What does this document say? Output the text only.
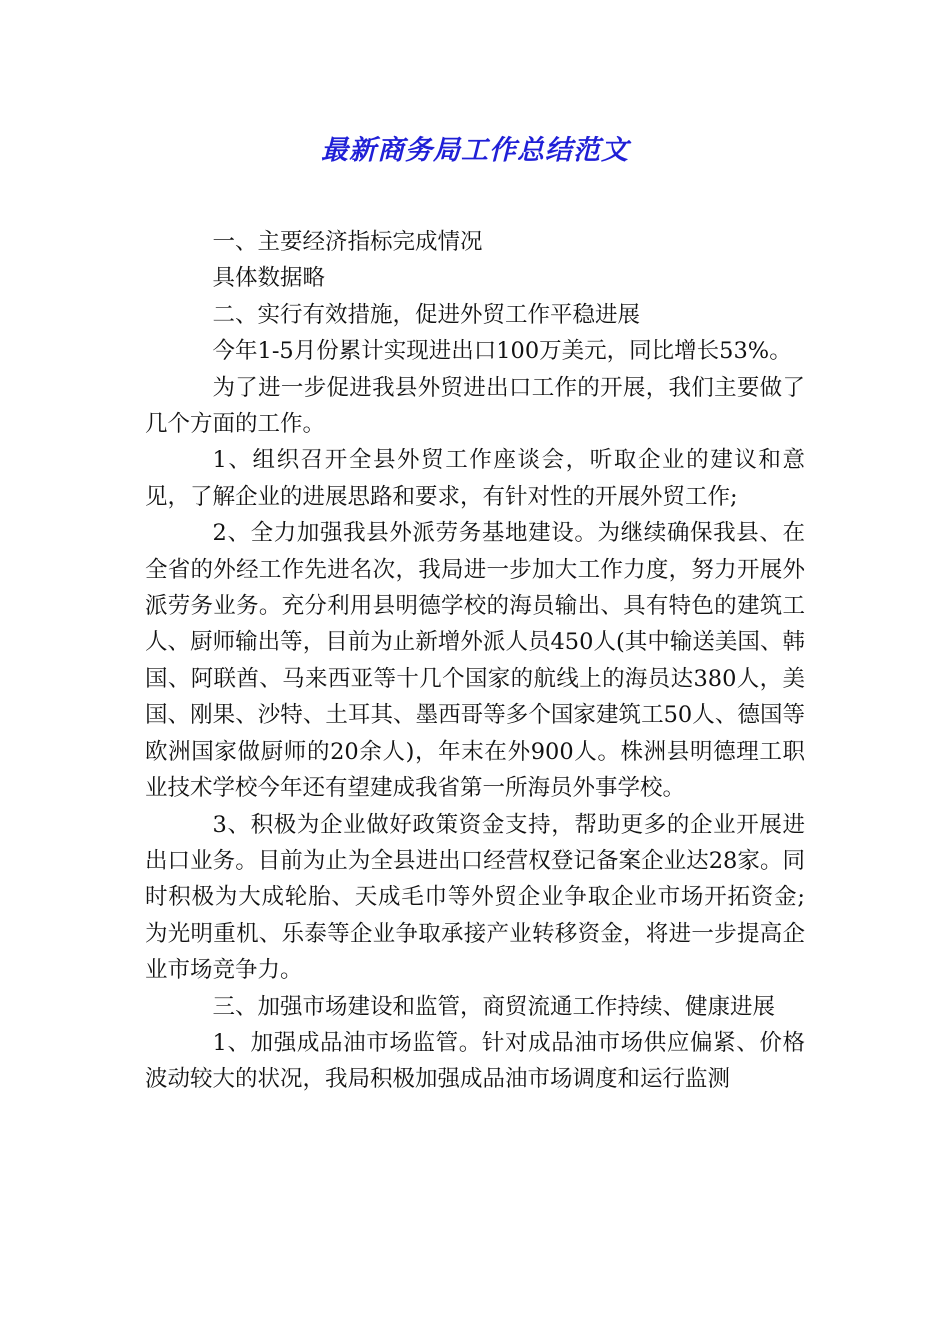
最新商务局工作总结范文

一、主要经济指标完成情况

具体数据略

二、实行有效措施，促进外贸工作平稳进展

今年1-5月份累计实现进出口100万美元，同比增长53%。

为了进一步促进我县外贸进出口工作的开展，我们主要做了几个方面的工作。

1、组织召开全县外贸工作座谈会，听取企业的建议和意见，了解企业的进展思路和要求，有针对性的开展外贸工作;

2、全力加强我县外派劳务基地建设。为继续确保我县、在全省的外经工作先进名次，我局进一步加大工作力度，努力开展外派劳务业务。充分利用县明德学校的海员输出、具有特色的建筑工人、厨师输出等，目前为止新增外派人员450人(其中输送美国、韩国、阿联酋、马来西亚等十几个国家的航线上的海员达380人，美国、刚果、沙特、土耳其、墨西哥等多个国家建筑工50人、德国等欧洲国家做厨师的20余人)，年末在外900人。株洲县明德理工职业技术学校今年还有望建成我省第一所海员外事学校。

3、积极为企业做好政策资金支持，帮助更多的企业开展进出口业务。目前为止为全县进出口经营权登记备案企业达28家。同时积极为大成轮胎、天成毛巾等外贸企业争取企业市场开拓资金;为光明重机、乐泰等企业争取承接产业转移资金，将进一步提高企业市场竞争力。

三、加强市场建设和监管，商贸流通工作持续、健康进展

1、加强成品油市场监管。针对成品油市场供应偏紧、价格波动较大的状况，我局积极加强成品油市场调度和运行监测
